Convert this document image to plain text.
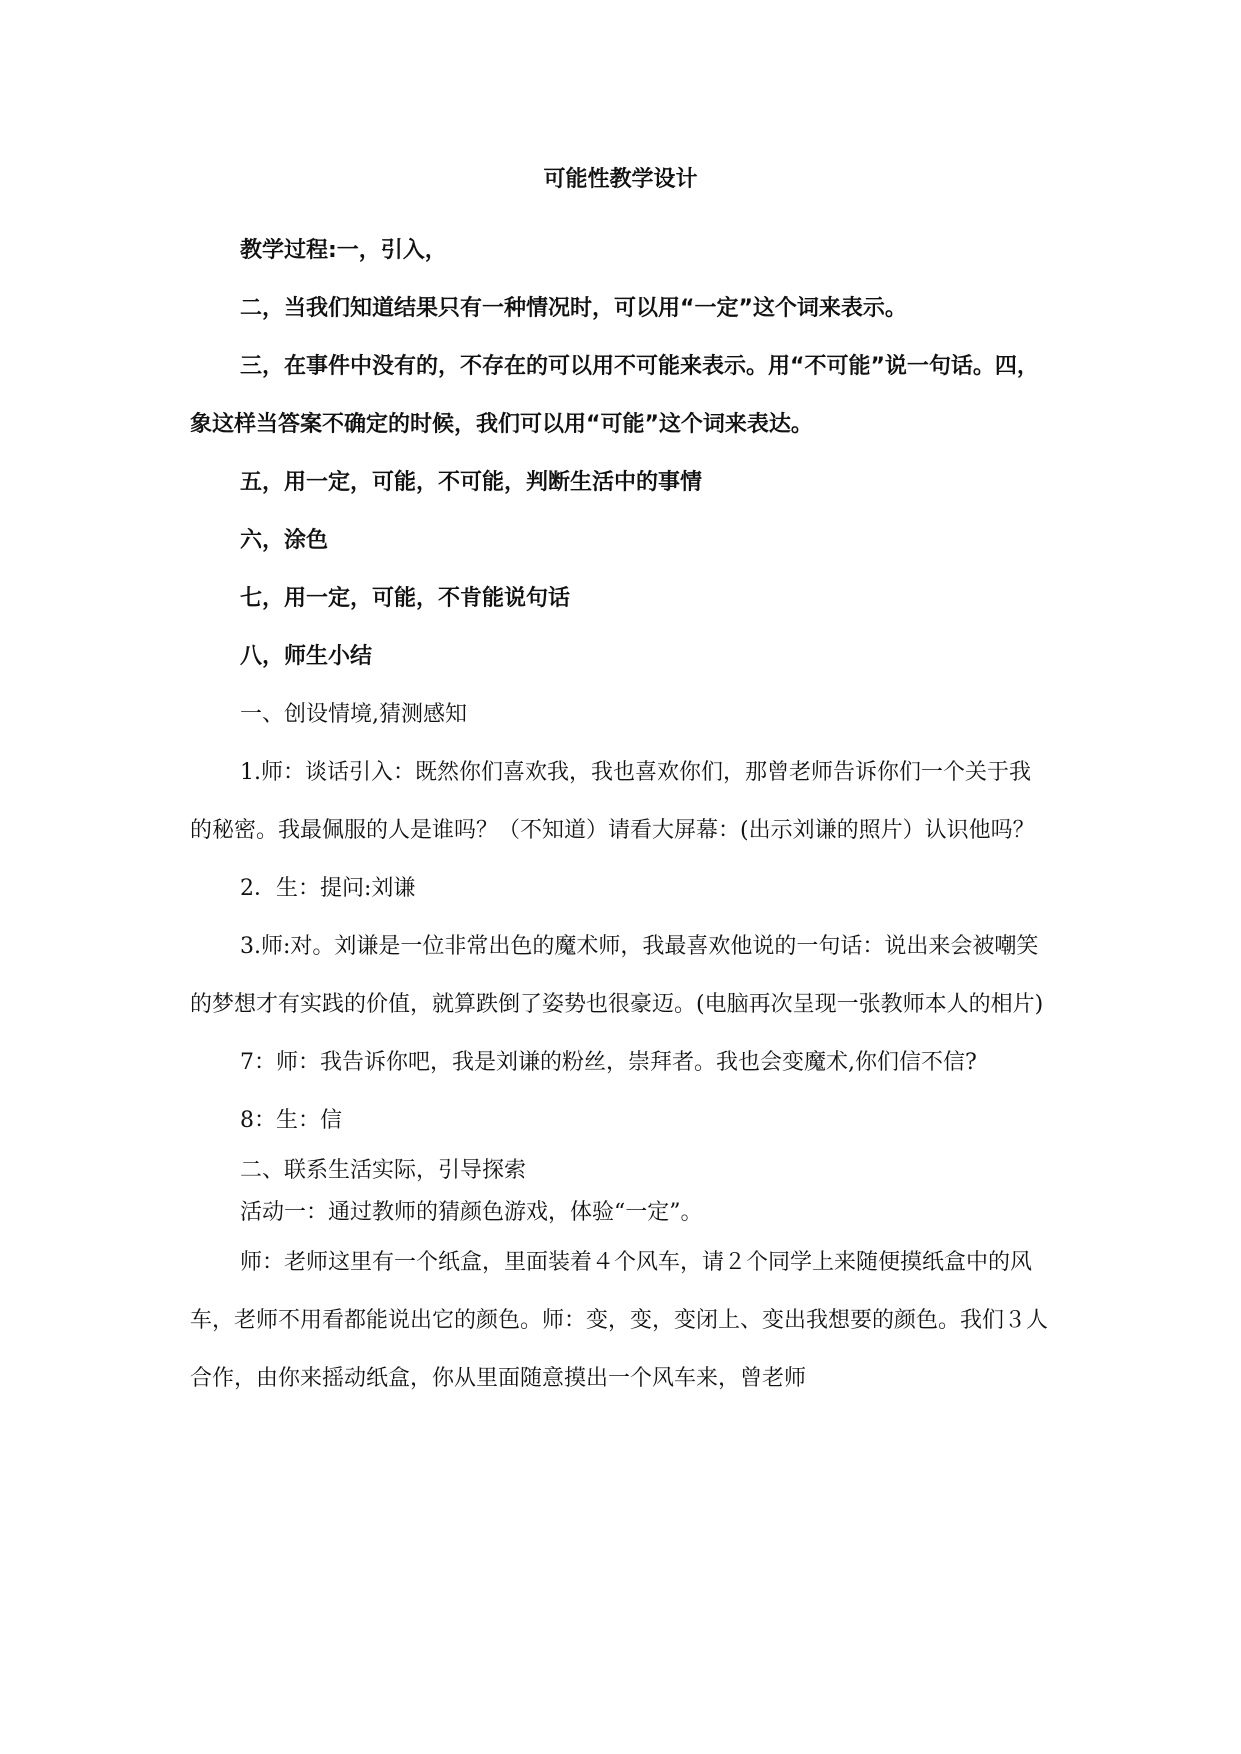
可能性教学设计

教学过程:一，引入，

二，当我们知道结果只有一种情况时，可以用“一定”这个词来表示。

三，在事件中没有的，不存在的可以用不可能来表示。用“不可能”说一句话。四，象这样当答案不确定的时候，我们可以用“可能”这个词来表达。

五，用一定，可能，不可能，判断生活中的事情

六，涂色

七，用一定，可能，不肯能说句话

八，师生小结

一、创设情境,猜测感知

1.师：谈话引入：既然你们喜欢我，我也喜欢你们，那曾老师告诉你们一个关于我的秘密。我最佩服的人是谁吗？（不知道）请看大屏幕：(出示刘谦的照片）认识他吗？

2．生：提问:刘谦

3.师:对。刘谦是一位非常出色的魔术师，我最喜欢他说的一句话：说出来会被嘲笑的梦想才有实践的价值，就算跌倒了姿势也很豪迈。(电脑再次呈现一张教师本人的相片)

7：师：我告诉你吧，我是刘谦的粉丝，崇拜者。我也会变魔术,你们信不信?

8：生：信

二、联系生活实际，引导探索

活动一：通过教师的猜颜色游戏，体验“一定”。

师：老师这里有一个纸盒，里面装着４个风车，请２个同学上来随便摸纸盒中的风车，老师不用看都能说出它的颜色。师：变，变，变闭上、变出我想要的颜色。我们３人合作，由你来摇动纸盒，你从里面随意摸出一个风车来，曾老师
